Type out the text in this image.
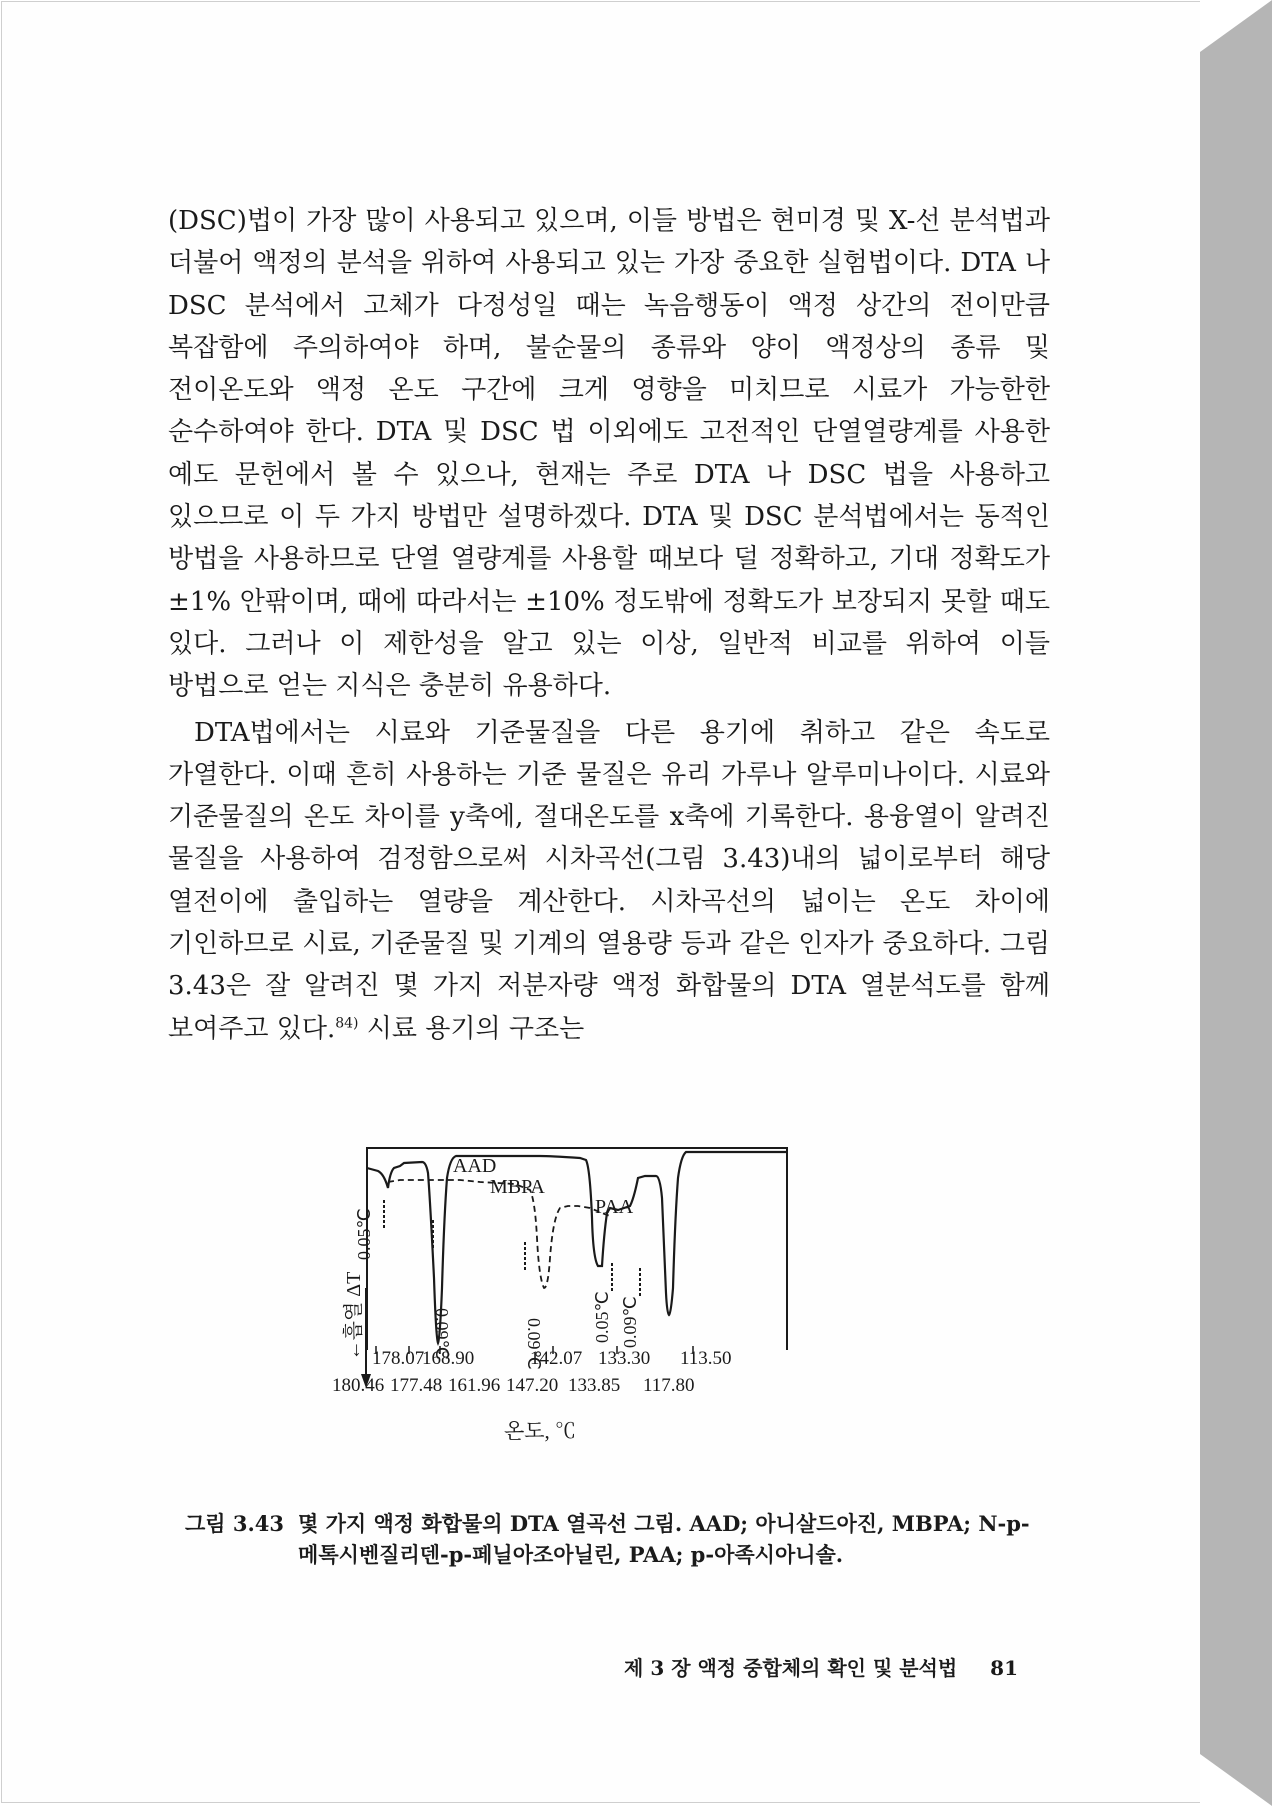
(DSC)법이 가장 많이 사용되고 있으며, 이들 방법은 현미경 및 X-선 분석법과 더불어 액정의 분석을 위하여 사용되고 있는 가장 중요한 실험법이다. DTA 나 DSC 분석에서 고체가 다정성일 때는 녹음행동이 액정 상간의 전이만큼 복잡함에 주의하여야 하며, 불순물의 종류와 양이 액정상의 종류 및 전이온도와 액정 온도 구간에 크게 영향을 미치므로 시료가 가능한한 순수하여야 한다. DTA 및 DSC 법 이외에도 고전적인 단열열량계를 사용한 예도 문헌에서 볼 수 있으나, 현재는 주로 DTA 나 DSC 법을 사용하고 있으므로 이 두 가지 방법만 설명하겠다. DTA 및 DSC 분석법에서는 동적인 방법을 사용하므로 단열 열량계를 사용할 때보다 덜 정확하고, 기대 정확도가 ±1% 안팎이며, 때에 따라서는 ±10% 정도밖에 정확도가 보장되지 못할 때도 있다. 그러나 이 제한성을 알고 있는 이상, 일반적 비교를 위하여 이들 방법으로 얻는 지식은 충분히 유용하다.

DTA법에서는 시료와 기준물질을 다른 용기에 취하고 같은 속도로 가열한다. 이때 흔히 사용하는 기준 물질은 유리 가루나 알루미나이다. 시료와 기준물질의 온도 차이를 y축에, 절대온도를 x축에 기록한다. 용융열이 알려진 물질을 사용하여 검정함으로써 시차곡선(그림 3.43)내의 넓이로부터 해당 열전이에 출입하는 열량을 계산한다. 시차곡선의 넓이는 온도 차이에 기인하므로 시료, 기준물질 및 기계의 열용량 등과 같은 인자가 중요하다. 그림 3.43은 잘 알려진 몇 가지 저분자량 액정 화합물의 DTA 열분석도를 함께 보여주고 있다.$^{84)}$ 시료 용기의 구조는

←흡열 ΔT
AAD
MBPA
PAA
0.05℃
0.09℃	0.09℃
0.05℃ 0.09℃
178.07
168.90	142.07 133.30 113.50
180.46 177.48 161.96 147.20 133.85 117.80
온도, ℃
그림 3.43 몇 가지 액정 화합물의 DTA 열곡선 그림. AAD; 아니살드아진, MBPA; N-p-메톡시벤질리덴-p-페닐아조아닐린, PAA; p-아족시아니솔.
제 3 장 액정 중합체의 확인 및 분석법 81
